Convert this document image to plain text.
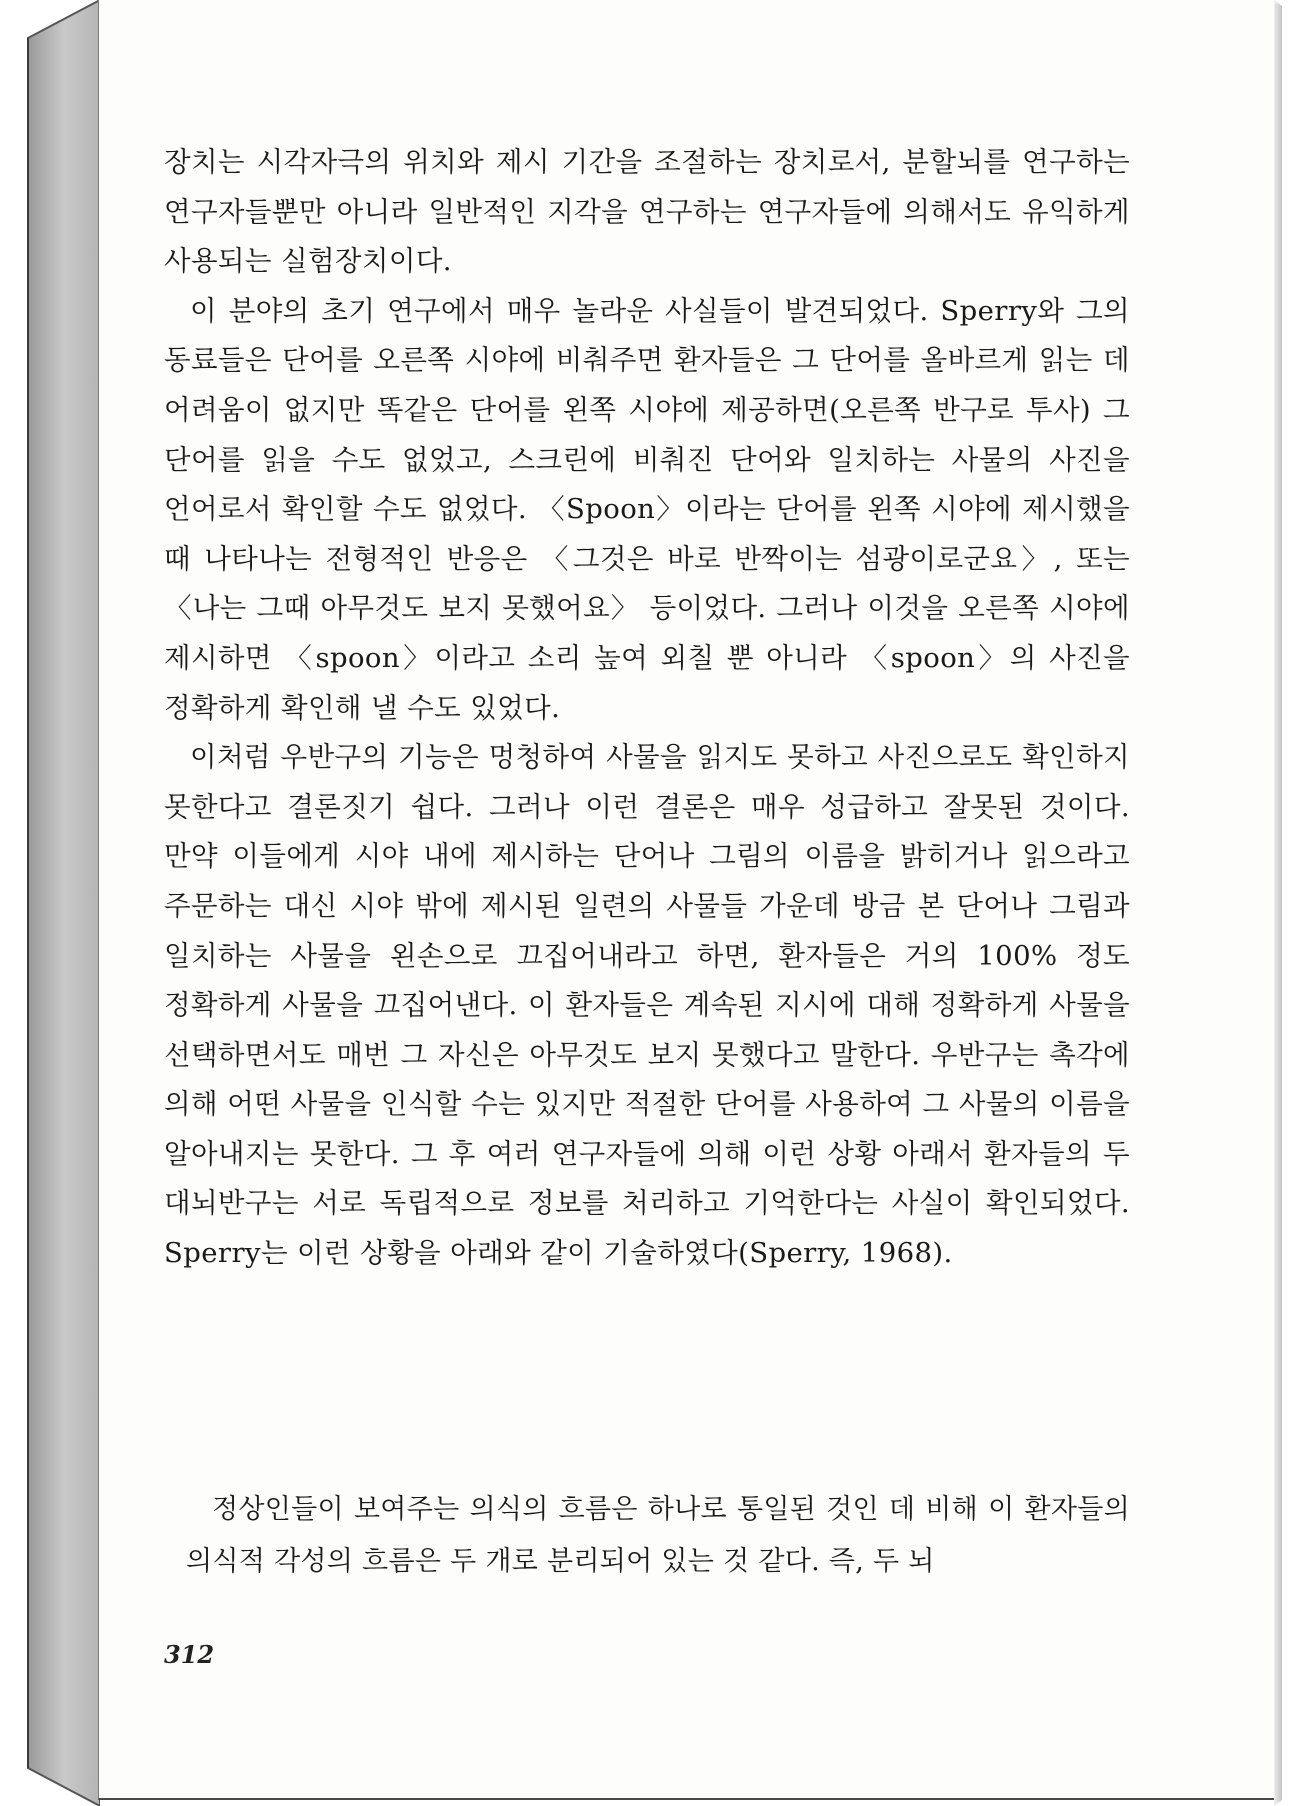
장치는 시각자극의 위치와 제시 기간을 조절하는 장치로서, 분할뇌를 연구하는 연구자들뿐만 아니라 일반적인 지각을 연구하는 연구자들에 의해서도 유익하게 사용되는 실험장치이다.

이 분야의 초기 연구에서 매우 놀라운 사실들이 발견되었다. Sperry와 그의 동료들은 단어를 오른쪽 시야에 비춰주면 환자들은 그 단어를 올바르게 읽는 데 어려움이 없지만 똑같은 단어를 왼쪽 시야에 제공하면(오른쪽 반구로 투사) 그 단어를 읽을 수도 없었고, 스크린에 비춰진 단어와 일치하는 사물의 사진을 언어로서 확인할 수도 없었다. 〈Spoon〉이라는 단어를 왼쪽 시야에 제시했을 때 나타나는 전형적인 반응은 〈그것은 바로 반짝이는 섬광이로군요〉, 또는 〈나는 그때 아무것도 보지 못했어요〉 등이었다. 그러나 이것을 오른쪽 시야에 제시하면 〈spoon〉이라고 소리 높여 외칠 뿐 아니라 〈spoon〉의 사진을 정확하게 확인해 낼 수도 있었다.

이처럼 우반구의 기능은 멍청하여 사물을 읽지도 못하고 사진으로도 확인하지 못한다고 결론짓기 쉽다. 그러나 이런 결론은 매우 성급하고 잘못된 것이다. 만약 이들에게 시야 내에 제시하는 단어나 그림의 이름을 밝히거나 읽으라고 주문하는 대신 시야 밖에 제시된 일련의 사물들 가운데 방금 본 단어나 그림과 일치하는 사물을 왼손으로 끄집어내라고 하면, 환자들은 거의 100% 정도 정확하게 사물을 끄집어낸다. 이 환자들은 계속된 지시에 대해 정확하게 사물을 선택하면서도 매번 그 자신은 아무것도 보지 못했다고 말한다. 우반구는 촉각에 의해 어떤 사물을 인식할 수는 있지만 적절한 단어를 사용하여 그 사물의 이름을 알아내지는 못한다. 그 후 여러 연구자들에 의해 이런 상황 아래서 환자들의 두 대뇌반구는 서로 독립적으로 정보를 처리하고 기억한다는 사실이 확인되었다. Sperry는 이런 상황을 아래와 같이 기술하였다(Sperry, 1968).

정상인들이 보여주는 의식의 흐름은 하나로 통일된 것인 데 비해 이 환자들의 의식적 각성의 흐름은 두 개로 분리되어 있는 것 같다. 즉, 두 뇌

312
